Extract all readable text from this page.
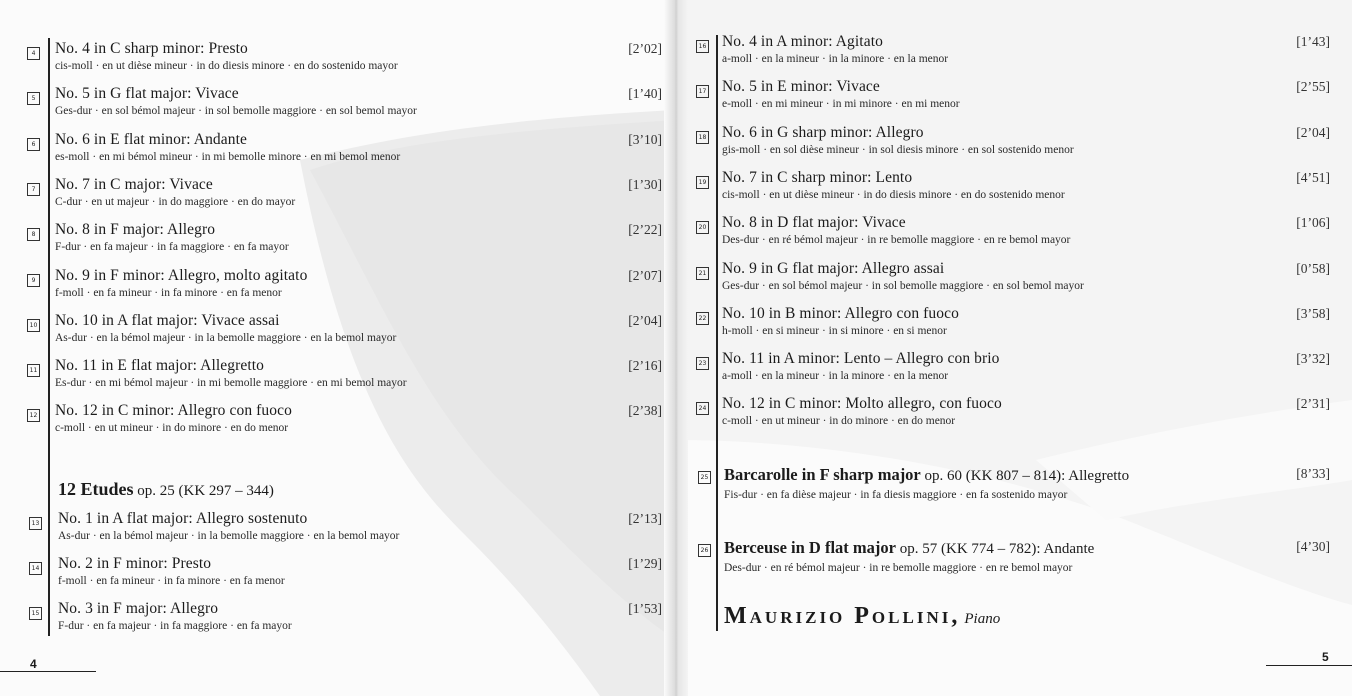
4 No. 4 in C sharp minor: Presto
cis-moll · en ut dièse mineur · in do diesis minore · en do sostenido mayor
[2’02]
5 No. 5 in G flat major: Vivace
Ges-dur · en sol bémol majeur · in sol bemolle maggiore · en sol bemol mayor
[1’40]
6 No. 6 in E flat minor: Andante
es-moll · en mi bémol mineur · in mi bemolle minore · en mi bemol menor
[3’10]
7 No. 7 in C major: Vivace
C-dur · en ut majeur · in do maggiore · en do mayor
[1’30]
8 No. 8 in F major: Allegro
F-dur · en fa majeur · in fa maggiore · en fa mayor
[2’22]
9 No. 9 in F minor: Allegro, molto agitato
f-moll · en fa mineur · in fa minore · en fa menor
[2’07]
10 No. 10 in A flat major: Vivace assai
As-dur · en la bémol majeur · in la bemolle maggiore · en la bemol mayor
[2’04]
11 No. 11 in E flat major: Allegretto
Es-dur · en mi bémol majeur · in mi bemolle maggiore · en mi bemol mayor
[2’16]
12 No. 12 in C minor: Allegro con fuoco
c-moll · en ut mineur · in do minore · en do menor
[2’38]
12 Etudes op. 25 (KK 297 – 344)
13 No. 1 in A flat major: Allegro sostenuto
As-dur · en la bémol majeur · in la bemolle maggiore · en la bemol mayor
[2’13]
14 No. 2 in F minor: Presto
f-moll · en fa mineur · in fa minore · en fa menor
[1’29]
15 No. 3 in F major: Allegro
F-dur · en fa majeur · in fa maggiore · en fa mayor
[1’53]
4
16 No. 4 in A minor: Agitato
a-moll · en la mineur · in la minore · en la menor
[1’43]
17 No. 5 in E minor: Vivace
e-moll · en mi mineur · in mi minore · en mi menor
[2’55]
18 No. 6 in G sharp minor: Allegro
gis-moll · en sol dièse mineur · in sol diesis minore · en sol sostenido menor
[2’04]
19 No. 7 in C sharp minor: Lento
cis-moll · en ut dièse mineur · in do diesis minore · en do sostenido menor
[4’51]
20 No. 8 in D flat major: Vivace
Des-dur · en ré bémol majeur · in re bemolle maggiore · en re bemol mayor
[1’06]
21 No. 9 in G flat major: Allegro assai
Ges-dur · en sol bémol majeur · in sol bemolle maggiore · en sol bemol mayor
[0’58]
22 No. 10 in B minor: Allegro con fuoco
h-moll · en si mineur · in si minore · en si menor
[3’58]
23 No. 11 in A minor: Lento – Allegro con brio
a-moll · en la mineur · in la minore · en la menor
[3’32]
24 No. 12 in C minor: Molto allegro, con fuoco
c-moll · en ut mineur · in do minore · en do menor
[2’31]
25 Barcarolle in F sharp major op. 60 (KK 807 – 814): Allegretto
Fis-dur · en fa dièse majeur · in fa diesis maggiore · en fa sostenido mayor
[8’33]
26 Berceuse in D flat major op. 57 (KK 774 – 782): Andante
Des-dur · en ré bémol majeur · in re bemolle maggiore · en re bemol mayor
[4’30]
Maurizio Pollini, Piano
5
